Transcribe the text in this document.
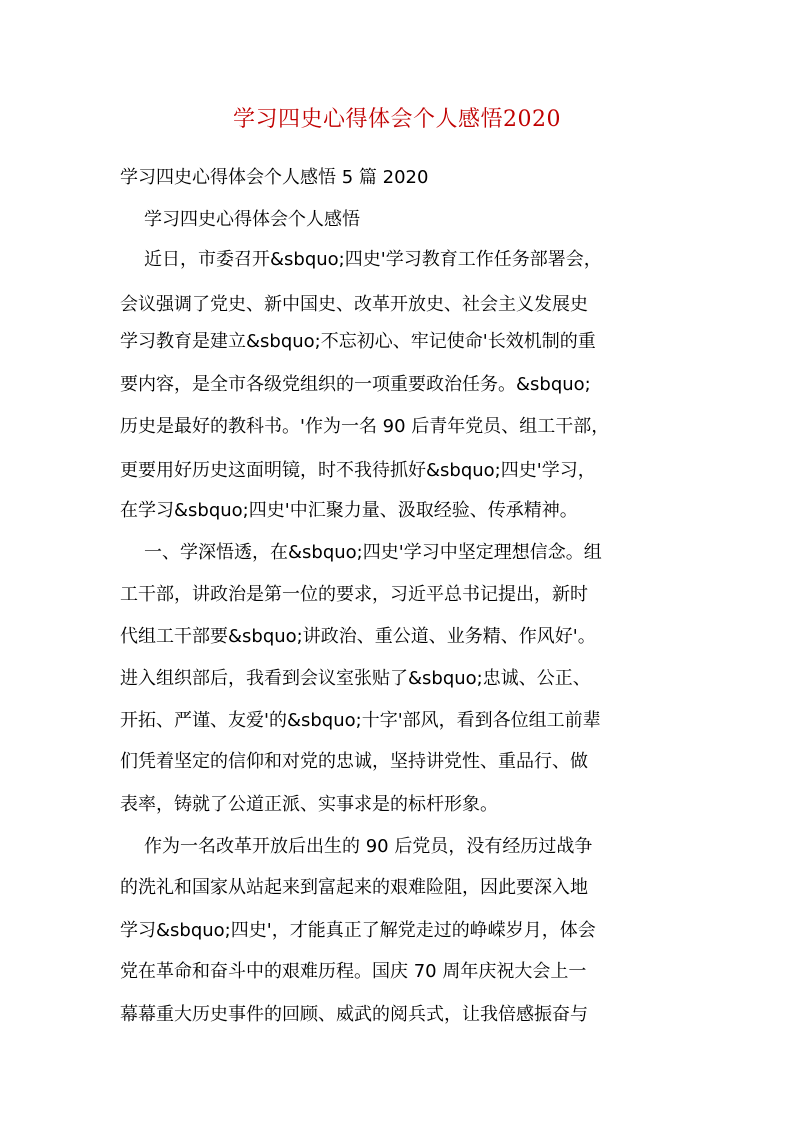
学习四史心得体会个人感悟2020
学习四史心得体会个人感悟 5 篇 2020
学习四史心得体会个人感悟
近日，市委召开&sbquo;四史'学习教育工作任务部署会，
会议强调了党史、新中国史、改革开放史、社会主义发展史
学习教育是建立&sbquo;不忘初心、牢记使命'长效机制的重
要内容，是全市各级党组织的一项重要政治任务。&sbquo;
历史是最好的教科书。'作为一名 90 后青年党员、组工干部，
更要用好历史这面明镜，时不我待抓好&sbquo;四史'学习，
在学习&sbquo;四史'中汇聚力量、汲取经验、传承精神。
一、学深悟透，在&sbquo;四史'学习中坚定理想信念。组
工干部，讲政治是第一位的要求，习近平总书记提出，新时
代组工干部要&sbquo;讲政治、重公道、业务精、作风好'。
进入组织部后，我看到会议室张贴了&sbquo;忠诚、公正、
开拓、严谨、友爱'的&sbquo;十字'部风，看到各位组工前辈
们凭着坚定的信仰和对党的忠诚，坚持讲党性、重品行、做
表率，铸就了公道正派、实事求是的标杆形象。
作为一名改革开放后出生的 90 后党员，没有经历过战争
的洗礼和国家从站起来到富起来的艰难险阻，因此要深入地
学习&sbquo;四史'，才能真正了解党走过的峥嵘岁月，体会
党在革命和奋斗中的艰难历程。国庆 70 周年庆祝大会上一
幕幕重大历史事件的回顾、威武的阅兵式，让我倍感振奋与
